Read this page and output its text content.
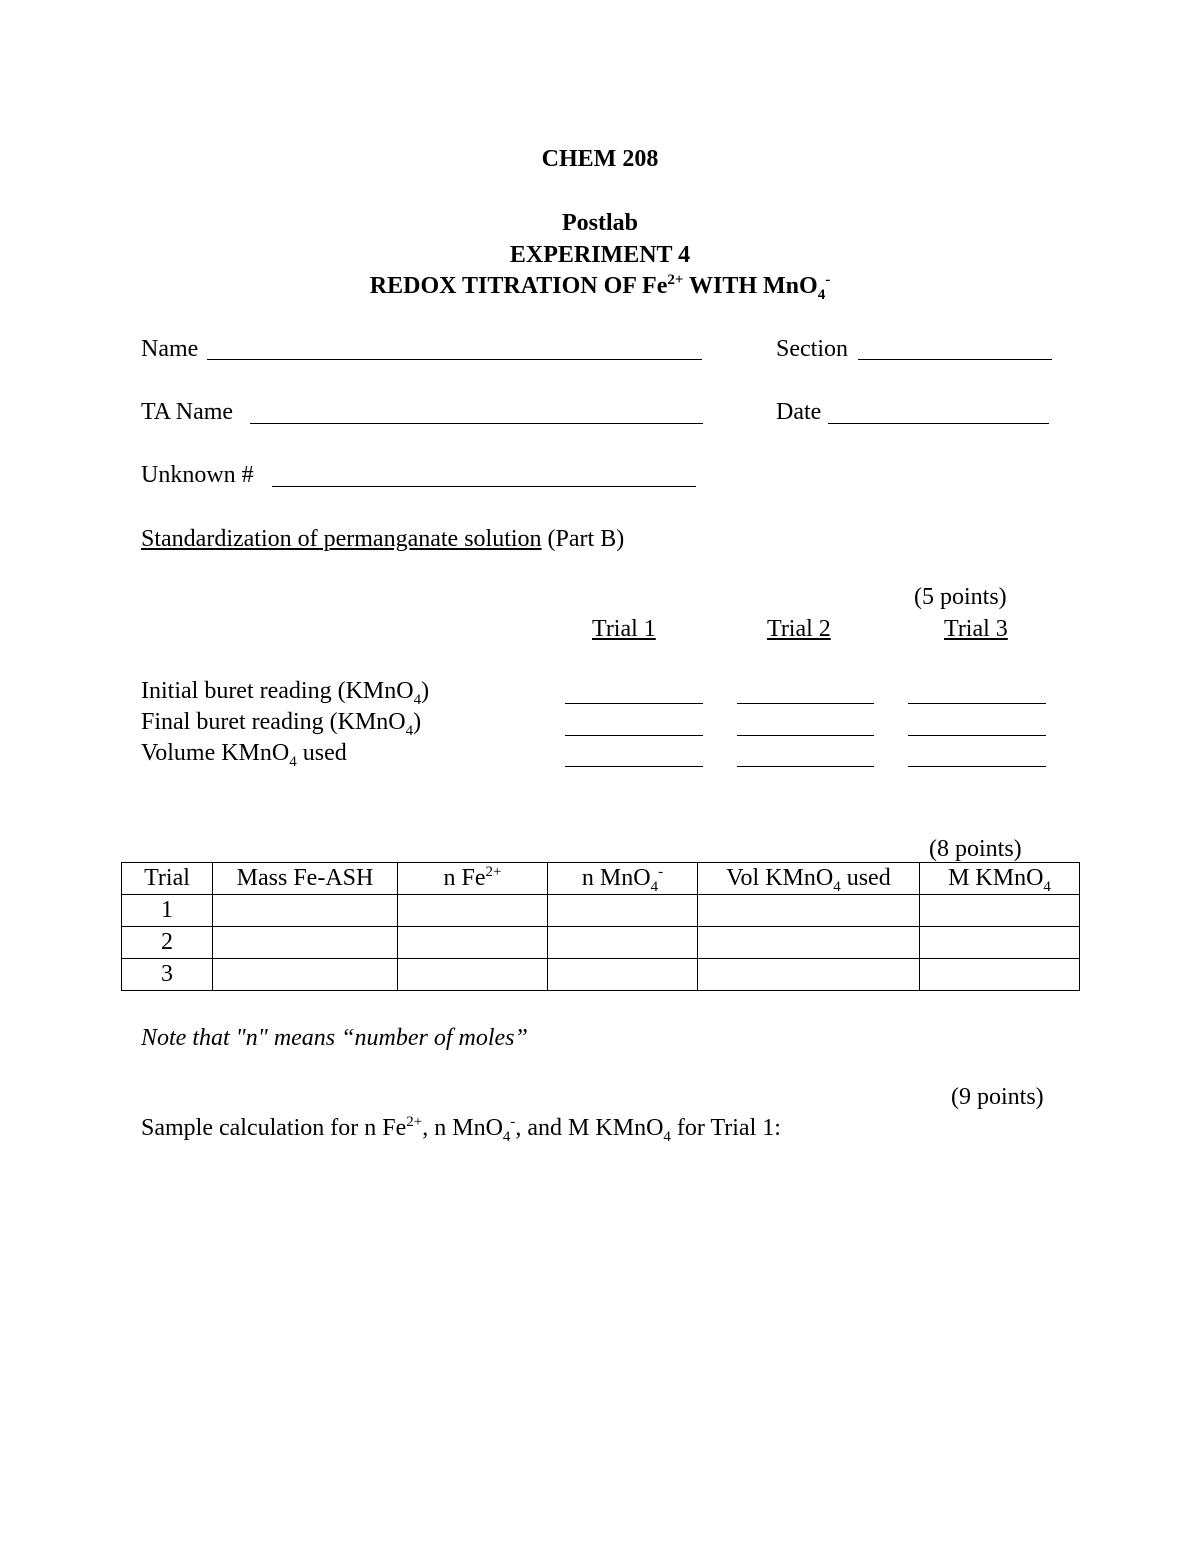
CHEM 208
Postlab
EXPERIMENT 4
REDOX TITRATION OF $Fe^{2+}$ WITH MnO$_4$-
Name	Section
TA Name	Date
Unknown #
Standardization of permanganate solution (Part B)
(5 points)
Trial 1	Trial 2	Trial 3
Initial buret reading (KMnO$_4$)
Final buret reading (KMnO$_4$)
Volume KMnO$_4$ used
(8 points)
Trial	Mass Fe-ASH	n $Fe^{2+}$	n MnO$_4$-	Vol KMnO$_4$ used	M KMnO$_4$
1					
2					
3					
Note that "n" means “number of moles”
(9 points)
Sample calculation for n $Fe^{2+}$, n MnO$_4$-, and M KMnO$_4$ for Trial 1:
